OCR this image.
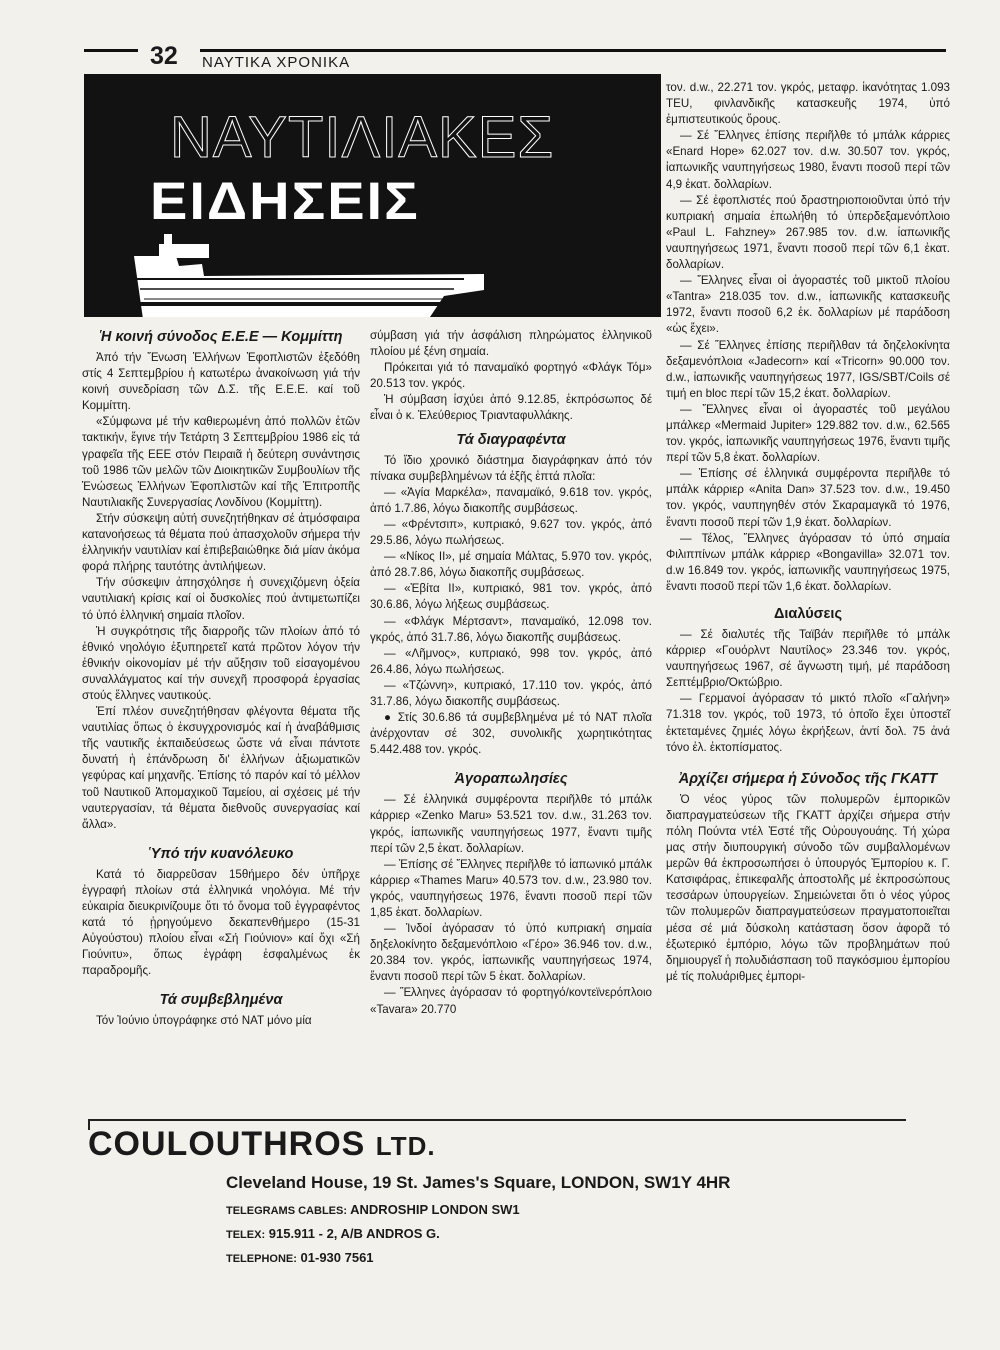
32 ΝΑΥΤΙΚΑ ΧΡΟΝΙΚΑ
ΝΑΥΤΙΛΙΑΚΕΣ
ΕΙΔΗΣΕΙΣ
Ἡ κοινή σύνοδος Ε.Ε.Ε — Κομμίττη

Ἀπό τήν Ἕνωση Ἑλλήνων Ἐφοπλιστῶν ἐξεδόθη στίς 4 Σεπτεμβρίου ἡ κατωτέρω ἀνακοίνωση γιά τήν κοινή συνεδρίαση τῶν Δ.Σ. τῆς Ε.Ε.Ε. καί τοῦ Κομμίττη.

«Σύμφωνα μέ τήν καθιερωμένη ἀπό πολλῶν ἐτῶν τακτικήν, ἔγινε τήν Τετάρτη 3 Σεπτεμβρίου 1986 εἰς τά γραφεῖα τῆς ΕΕΕ στόν Πειραιᾶ ἡ δεύτερη συνάντησις τοῦ 1986 τῶν μελῶν τῶν Διοικητικῶν Συμβουλίων τῆς Ἑνώσεως Ἑλλήνων Ἐφοπλιστῶν καί τῆς Ἐπιτροπῆς Ναυτιλιακῆς Συνεργασίας Λονδίνου (Κομμίττη).

Στήν σύσκεψη αὐτή συνεζητήθηκαν σέ ἀτμόσφαιρα κατανοήσεως τά θέματα πού ἀπασχολοῦν σήμερα τήν ἑλληνικήν ναυτιλίαν καί ἐπιβεβαιώθηκε διά μίαν ἀκόμα φορά πλήρης ταυτότης ἀντιλήψεων.

Τήν σύσκεψιν ἀπησχόλησε ἡ συνεχιζόμενη ὀξεία ναυτιλιακή κρίσις καί οἱ δυσκολίες πού ἀντιμετωπίζει τό ὑπό ἑλληνική σημαία πλοῖον.

Ἡ συγκρότησις τῆς διαρροῆς τῶν πλοίων ἀπό τό ἐθνικό νηολόγιο ἐξυπηρετεῖ κατά πρῶτον λόγον τήν ἐθνικήν οἰκονομίαν μέ τήν αὔξησιν τοῦ εἰσαγομένου συναλλάγματος καί τήν συνεχῆ προσφορά ἐργασίας στούς ἕλληνες ναυτικούς.

Ἐπί πλέον συνεζητήθησαν φλέγοντα θέματα τῆς ναυτιλίας ὅπως ὁ ἐκσυγχρονισμός καί ἡ ἀναβάθμισις τῆς ναυτικῆς ἐκπαιδεύσεως ὥστε νά εἶναι πάντοτε δυνατή ἡ ἐπάνδρωση δι' ἑλλήνων ἀξιωματικῶν γεφύρας καί μηχανῆς. Ἐπίσης τό παρόν καί τό μέλλον τοῦ Ναυτικοῦ Ἀπομαχικοῦ Ταμείου, αἱ σχέσεις μέ τήν ναυτεργασίαν, τά θέματα διεθνοῦς συνεργασίας καί ἄλλα».

Ὑπό τήν κυανόλευκο

Κατά τό διαρρεῦσαν 15θήμερο δέν ὑπῆρχε ἐγγραφή πλοίων στά ἑλληνικά νηολόγια. Μέ τήν εὐκαιρία διευκρινίζουμε ὅτι τό ὄνομα τοῦ ἐγγραφέντος κατά τό ᾑρηγούμενο δεκαπενθήμερο (15-31 Αὐγούστου) πλοίου εἶναι «Σή Γιούνιον» καί ὄχι «Σή Γιούνιτυ», ὅπως ἐγράφη ἐσφαλμένως ἐκ παραδρομῆς.

Τά συμβεβλημένα

Τόν Ἰούνιο ὑπογράφηκε στό ΝΑΤ μόνο μία

σύμβαση γιά τήν ἀσφάλιση πληρώματος ἑλληνικοῦ πλοίου μέ ξένη σημαία.

Πρόκειται γιά τό παναμαϊκό φορτηγό «Φλάγκ Τόμ» 20.513 τον. γκρός.

Ἡ σύμβαση ἰσχύει ἀπό 9.12.85, ἐκπρόσωπος δέ εἶναι ὁ κ. Ἐλεύθεριος Τριανταφυλλάκης.

Τά διαγραφέντα

Τό ἴδιο χρονικό διάστημα διαγράφηκαν ἀπό τόν πίνακα συμβεβλημένων τά ἑξῆς ἑπτά πλοῖα:

— «Ἁγία Μαρκέλα», παναμαϊκό, 9.618 τον. γκρός, ἀπό 1.7.86, λόγω διακοπῆς συμβάσεως.

— «Φρέντσιπ», κυπριακό, 9.627 τον. γκρός, ἀπό 29.5.86, λόγω πωλήσεως.

— «Νίκος ΙΙ», μέ σημαία Μάλτας, 5.970 τον. γκρός, ἀπό 28.7.86, λόγω διακοπῆς συμβάσεως.

— «Ἐβίτα ΙΙ», κυπριακό, 981 τον. γκρός, ἀπό 30.6.86, λόγω λήξεως συμβάσεως.

— «Φλάγκ Μέρτσαντ», παναμαϊκό, 12.098 τον. γκρός, ἀπό 31.7.86, λόγω διακοπῆς συμβάσεως.

— «Λῆμνος», κυπριακό, 998 τον. γκρός, ἀπό 26.4.86, λόγω πωλήσεως.

— «Τζώννη», κυπριακό, 17.110 τον. γκρός, ἀπό 31.7.86, λόγω διακοπῆς συμβάσεως.

● Στίς 30.6.86 τά συμβεβλημένα μέ τό ΝΑΤ πλοῖα ἀνέρχονταν σέ 302, συνολικῆς χωρητικότητας 5.442.488 τον. γκρός.

Ἀγοραπωλησίες

— Σέ ἑλληνικά συμφέροντα περιῆλθε τό μπάλκ κάρριερ «Zenko Maru» 53.521 τον. d.w., 31.263 τον. γκρός, ἰαπωνικῆς ναυπηγήσεως 1977, ἔναντι τιμῆς περί τῶν 2,5 ἑκατ. δολλαρίων.

— Ἐπίσης σέ Ἕλληνες περιῆλθε τό ἰαπωνικό μπάλκ κάρριερ «Thames Maru» 40.573 τον. d.w., 23.980 τον. γκρός, ναυπηγήσεως 1976, ἔναντι ποσοῦ περί τῶν 1,85 ἑκατ. δολλαρίων.

— Ἰνδοί ἀγόρασαν τό ὑπό κυπριακή σημαία δηξελοκίνητο δεξαμενόπλοιο «Γέρο» 36.946 τον. d.w., 20.384 τον. γκρός, ἰαπωνικῆς ναυπηγήσεως 1974, ἔναντι ποσοῦ περί τῶν 5 ἑκατ. δολλαρίων.

— Ἕλληνες ἀγόρασαν τό φορτηγό/κοντεϊνερόπλοιο «Tavara» 20.770

τον. d.w., 22.271 τον. γκρός, μεταφρ. ἱκανότητας 1.093 TEU, φινλανδικῆς κατασκευῆς 1974, ὑπό ἐμπιστευτικούς ὅρους.

— Σέ Ἕλληνες ἐπίσης περιῆλθε τό μπάλκ κάρριες «Enard Hope» 62.027 τον. d.w. 30.507 τον. γκρός, ἰαπωνικῆς ναυπηγήσεως 1980, ἔναντι ποσοῦ περί τῶν 4,9 ἑκατ. δολλαρίων.

— Σέ ἐφοπλιστές πού δραστηριοποιοῦνται ὑπό τήν κυπριακή σημαία ἐπωλήθη τό ὑπερδεξαμενόπλοιο «Paul L. Fahzney» 267.985 τον. d.w. ἰαπωνικῆς ναυπηγήσεως 1971, ἔναντι ποσοῦ περί τῶν 6,1 ἑκατ. δολλαρίων.

— Ἕλληνες εἶναι οἱ ἀγοραστές τοῦ μικτοῦ πλοίου «Tantra» 218.035 τον. d.w., ἰαπωνικῆς κατασκευῆς 1972, ἔναντι ποσοῦ 6,2 ἑκ. δολλαρίων μέ παράδοση «ὡς ἔχει».

— Σέ Ἕλληνες ἐπίσης περιῆλθαν τά δηζελοκίνητα δεξαμενόπλοια «Jadecorn» καί «Tricorn» 90.000 τον. d.w., ἰαπωνικῆς ναυπηγήσεως 1977, IGS/SBT/Coils σέ τιμή en bloc περί τῶν 15,2 ἑκατ. δολλαρίων.

— Ἕλληνες εἶναι οἱ ἀγοραστές τοῦ μεγάλου μπάλκερ «Mermaid Jupiter» 129.882 τον. d.w., 62.565 τον. γκρός, ἰαπωνικῆς ναυπηγήσεως 1976, ἔναντι τιμῆς περί τῶν 5,8 ἑκατ. δολλαρίων.

— Ἐπίσης σέ ἑλληνικά συμφέροντα περιῆλθε τό μπάλκ κάρριερ «Anita Dan» 37.523 τον. d.w., 19.450 τον. γκρός, ναυπηγηθέν στόν Σκαραμαγκᾶ τό 1976, ἔναντι ποσοῦ περί τῶν 1,9 ἑκατ. δολλαρίων.

— Τέλος, Ἕλληνες ἀγόρασαν τό ὑπό σημαία Φιλιππίνων μπάλκ κάρριερ «Bongavilla» 32.071 τον. d.w 16.849 τον. γκρός, ἰαπωνικῆς ναυπηγήσεως 1975, ἔναντι ποσοῦ περί τῶν 1,6 ἑκατ. δολλαρίων.

Διαλύσεις

— Σέ διαλυτές τῆς Ταϊβάν περιῆλθε τό μπάλκ κάρριερ «Γουόρλντ Ναυτίλος» 23.346 τον. γκρός, ναυπηγήσεως 1967, σέ ἄγνωστη τιμή, μέ παράδοση Σεπτέμβριο/Ὀκτώβριο.

— Γερμανοί ἀγόρασαν τό μικτό πλοῖο «Γαλήνη» 71.318 τον. γκρός, τοῦ 1973, τό ὁποῖο ἔχει ὑποστεῖ ἐκτεταμένες ζημιές λόγω ἐκρήξεων, ἀντί δολ. 75 ἀνά τόνο ἐλ. ἐκτοπίσματος.

Ἀρχίζει σήμερα ἡ Σύνοδος τῆς ΓΚΑΤΤ

Ὁ νέος γύρος τῶν πολυμερῶν ἐμπορικῶν διαπραγματεύσεων τῆς ΓΚΑΤΤ ἀρχίζει σήμερα στήν πόλη Πούντα ντέλ Ἐστέ τῆς Οὐρουγουάης. Τή χώρα μας στήν διυπουργική σύνοδο τῶν συμβαλλομένων μερῶν θά ἐκπροσωπήσει ὁ ὑπουργός Ἐμπορίου κ. Γ. Κατσιφάρας, ἐπικεφαλῆς ἀποστολῆς μέ ἐκπροσώπους τεσσάρων ὑπουργείων. Σημειώνεται ὅτι ὁ νέος γύρος τῶν πολυμερῶν διαπραγματεύσεων πραγματοποιεῖται μέσα σέ μιά δύσκολη κατάσταση ὅσον ἀφορᾶ τό ἐξωτερικό ἐμπόριο, λόγω τῶν προβλημάτων πού δημιουργεῖ ἡ πολυδιάσπαση τοῦ παγκόσμιου ἐμπορίου μέ τίς πολυάριθμες ἐμπορι-

COULOUTHROS LTD.
Cleveland House, 19 St. James's Square, LONDON, SW1Y 4HR
TELEGRAMS CABLES: ANDROSHIP LONDON SW1
TELEX: 915.911 - 2, A/B ANDROS G.
TELEPHONE: 01-930 7561
